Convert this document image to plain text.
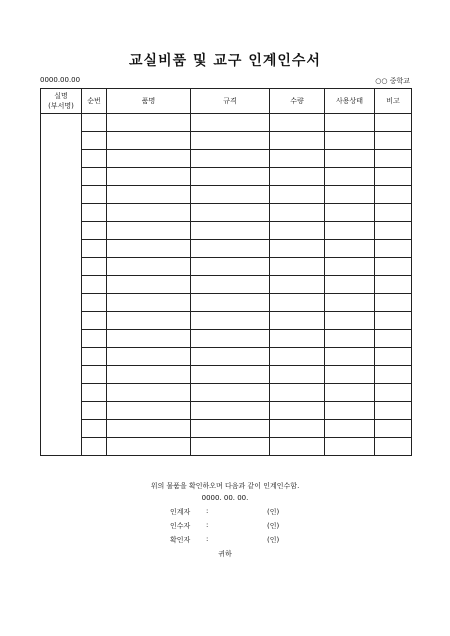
교실비품 및 교구 인계인수서
0000.00.00	○○ 중학교
실명
(부서명)	순번	품명	규격	수량	사용상태	비고

위의 물품을 확인하오며 다음과 같이 인계인수함.
0000. 00. 00.
인계자 :	(인)
인수자 :	(인)
확인자 :	(인)
귀하
